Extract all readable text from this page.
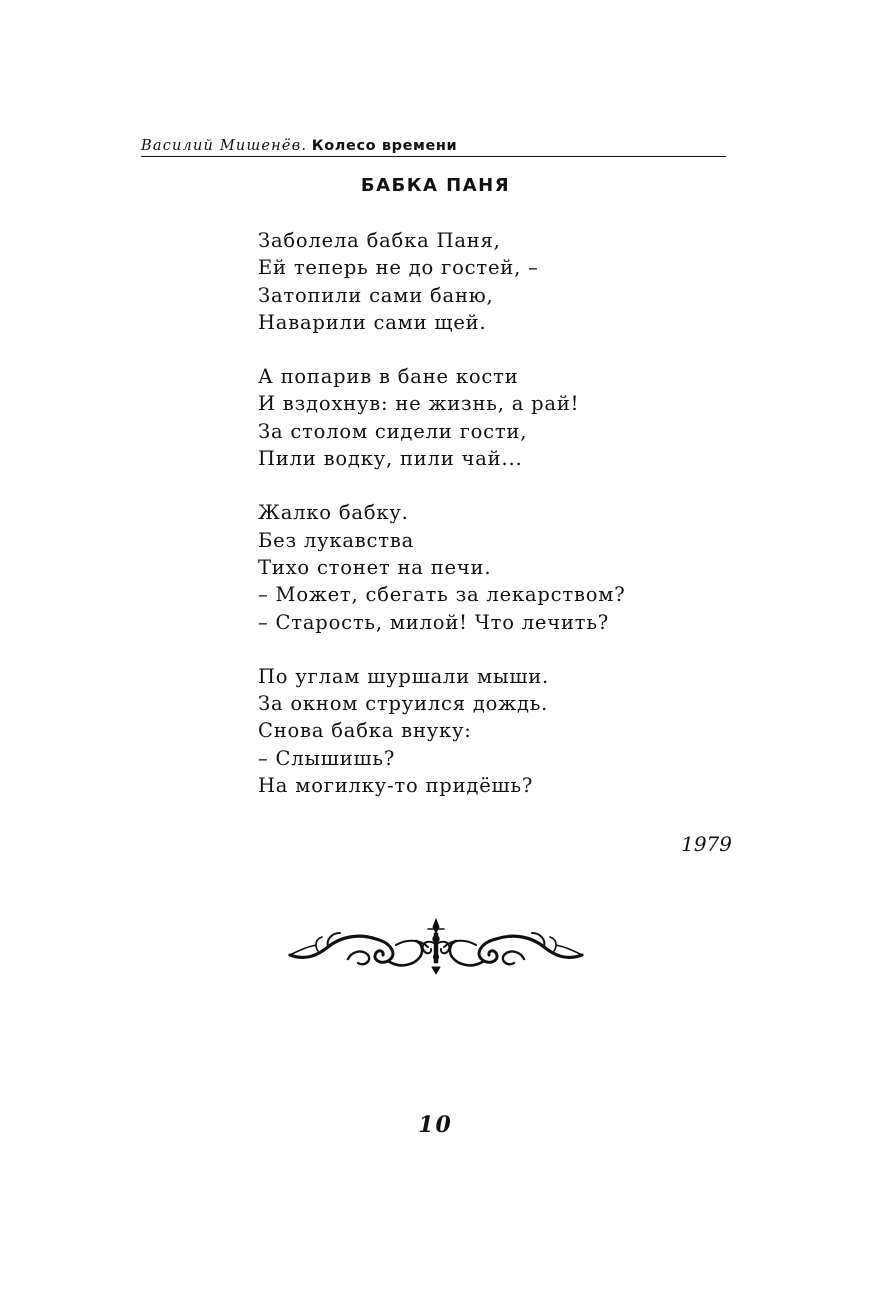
Василий Мишенёв. Колесо времени
БАБКА ПАНЯ
Заболела бабка Паня,
Ей теперь не до гостей, –
Затопили сами баню,
Наварили сами щей.
А попарив в бане кости
И вздохнув: не жизнь, а рай!
За столом сидели гости,
Пили водку, пили чай...
Жалко бабку.
Без лукавства
Тихо стонет на печи.
– Может, сбегать за лекарством?
– Старость, милой! Что лечить?
По углам шуршали мыши.
За окном струился дождь.
Снова бабка внуку:
– Слышишь?
На могилку-то придёшь?
1979
10
